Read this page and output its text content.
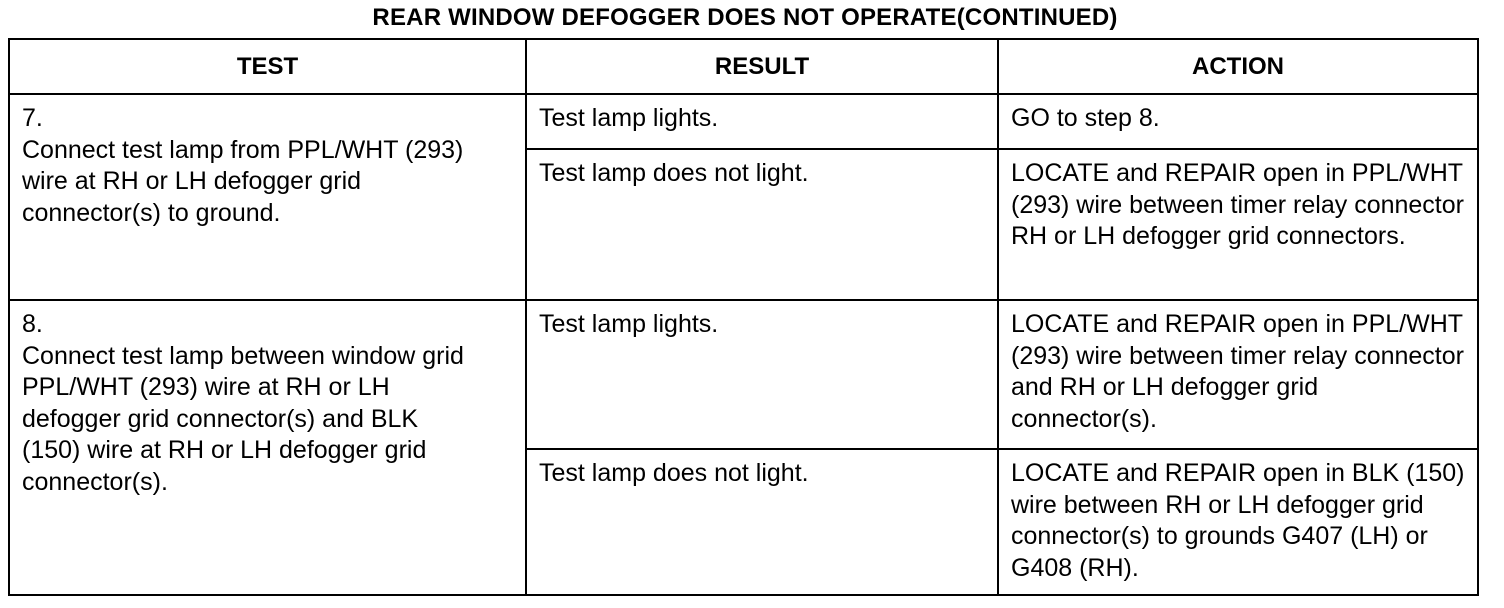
REAR WINDOW DEFOGGER DOES NOT OPERATE(CONTINUED)
TEST	RESULT	ACTION
7.Connect test lamp from PPL/WHT (293) wire at RH or LH defogger grid connector(s) to ground.	Test lamp lights.	GO to step 8.
	Test lamp does not light.	LOCATE and REPAIR open in PPL/WHT (293) wire between timer relay connector RH or LH defogger grid connectors.
8.Connect test lamp between window grid PPL/WHT (293) wire at RH or LH defogger grid connector(s) and BLK (150) wire at RH or LH defogger grid connector(s).	Test lamp lights.	LOCATE and REPAIR open in PPL/WHT (293) wire between timer relay connector and RH or LH defogger grid connector(s).
	Test lamp does not light.	LOCATE and REPAIR open in BLK (150) wire between RH or LH defogger grid connector(s) to grounds G407 (LH) or G408 (RH).
